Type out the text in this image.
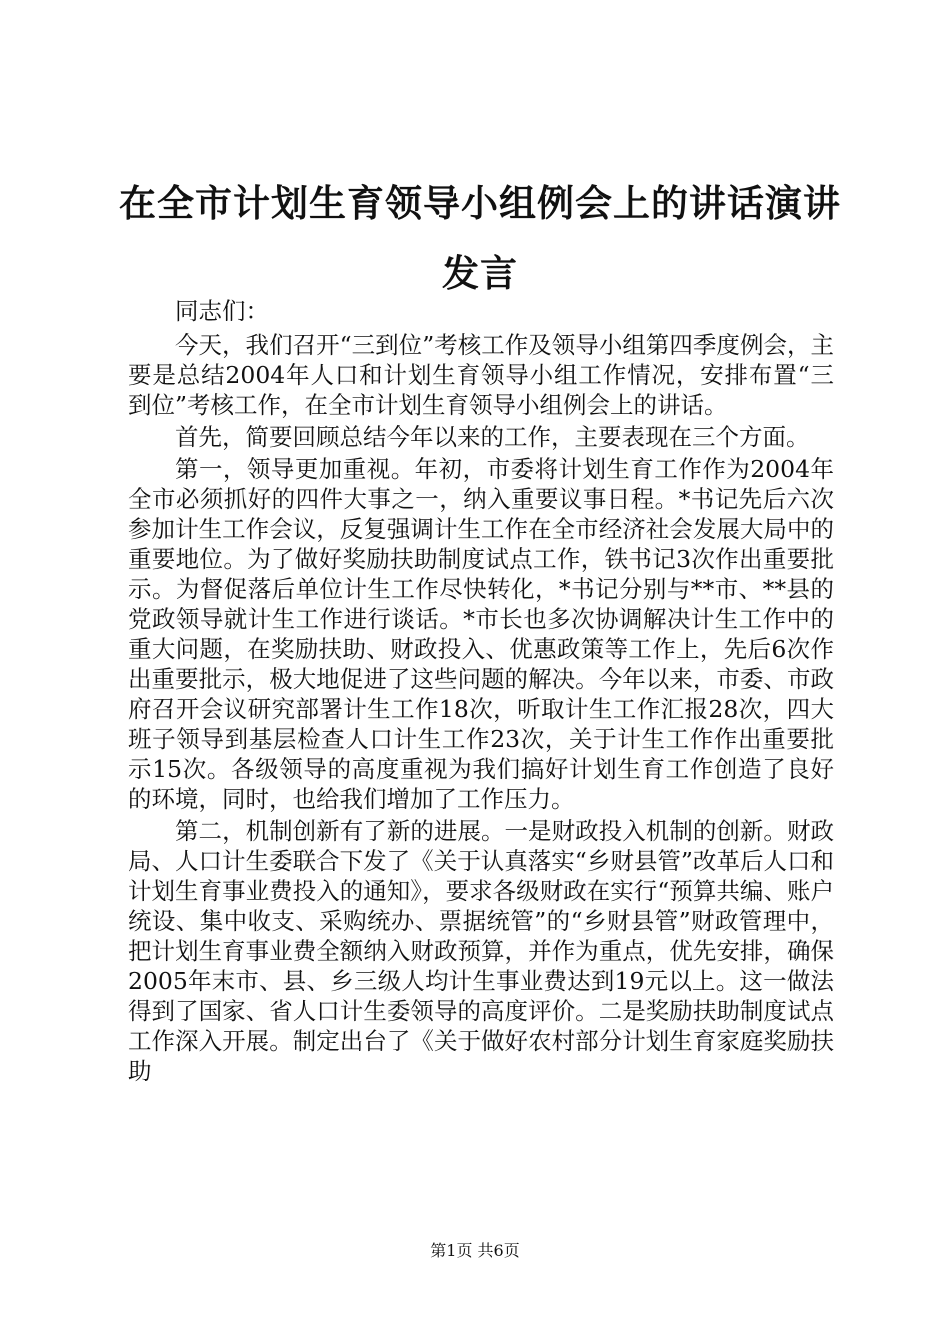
在全市计划生育领导小组例会上的讲话演讲发言

同志们：

今天，我们召开“三到位”考核工作及领导小组第四季度例会，主要是总结2004年人口和计划生育领导小组工作情况，安排布置“三到位”考核工作，在全市计划生育领导小组例会上的讲话。

首先，简要回顾总结今年以来的工作，主要表现在三个方面。

第一，领导更加重视。年初，市委将计划生育工作作为2004年全市必须抓好的四件大事之一，纳入重要议事日程。*书记先后六次参加计生工作会议，反复强调计生工作在全市经济社会发展大局中的重要地位。为了做好奖励扶助制度试点工作，铁书记3次作出重要批示。为督促落后单位计生工作尽快转化，*书记分别与**市、**县的党政领导就计生工作进行谈话。*市长也多次协调解决计生工作中的重大问题，在奖励扶助、财政投入、优惠政策等工作上，先后6次作出重要批示，极大地促进了这些问题的解决。今年以来，市委、市政府召开会议研究部署计生工作18次，听取计生工作汇报28次，四大班子领导到基层检查人口计生工作23次，关于计生工作作出重要批示15次。各级领导的高度重视为我们搞好计划生育工作创造了良好的环境，同时，也给我们增加了工作压力。

第二，机制创新有了新的进展。一是财政投入机制的创新。财政局、人口计生委联合下发了《关于认真落实“乡财县管”改革后人口和计划生育事业费投入的通知》，要求各级财政在实行“预算共编、账户统设、集中收支、采购统办、票据统管”的“乡财县管”财政管理中，把计划生育事业费全额纳入财政预算，并作为重点，优先安排，确保2005年末市、县、乡三级人均计生事业费达到19元以上。这一做法得到了国家、省人口计生委领导的高度评价。二是奖励扶助制度试点工作深入开展。制定出台了《关于做好农村部分计划生育家庭奖励扶助

第1页 共6页
